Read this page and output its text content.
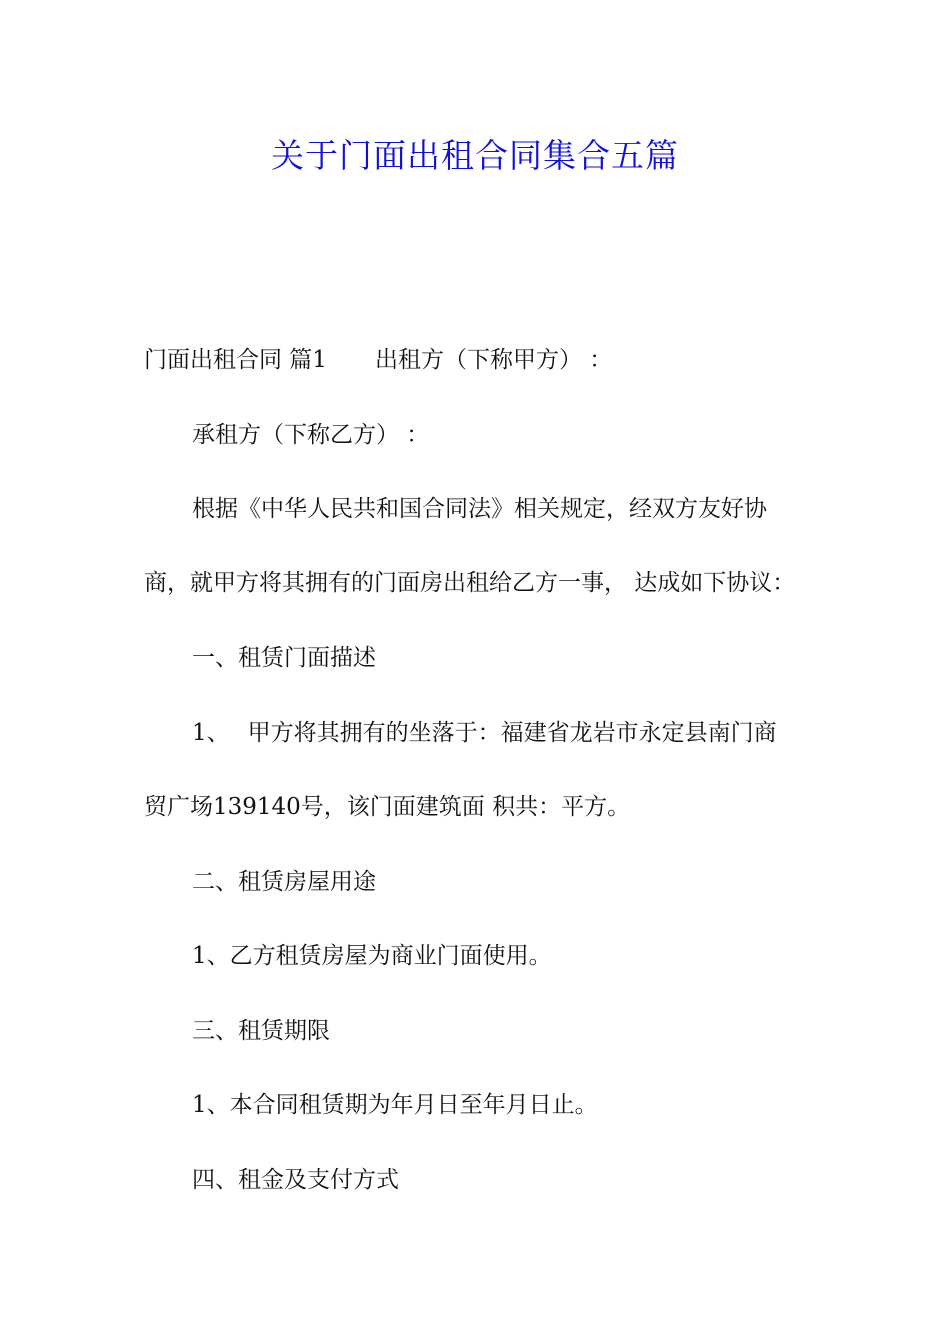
关于门面出租合同集合五篇
门面出租合同 篇1 出租方（下称甲方） ：
承租方（下称乙方） ：
根据《中华人民共和国合同法》相关规定，经双方友好协
商，就甲方将其拥有的门面房出租给乙方一事， 达成如下协议：
一、租赁门面描述
1、 甲方将其拥有的坐落于：福建省龙岩市永定县南门商
贸广场139140号，该门面建筑面 积共：平方。
二、租赁房屋用途
1、乙方租赁房屋为商业门面使用。
三、租赁期限
1、本合同租赁期为年月日至年月日止。
四、租金及支付方式
